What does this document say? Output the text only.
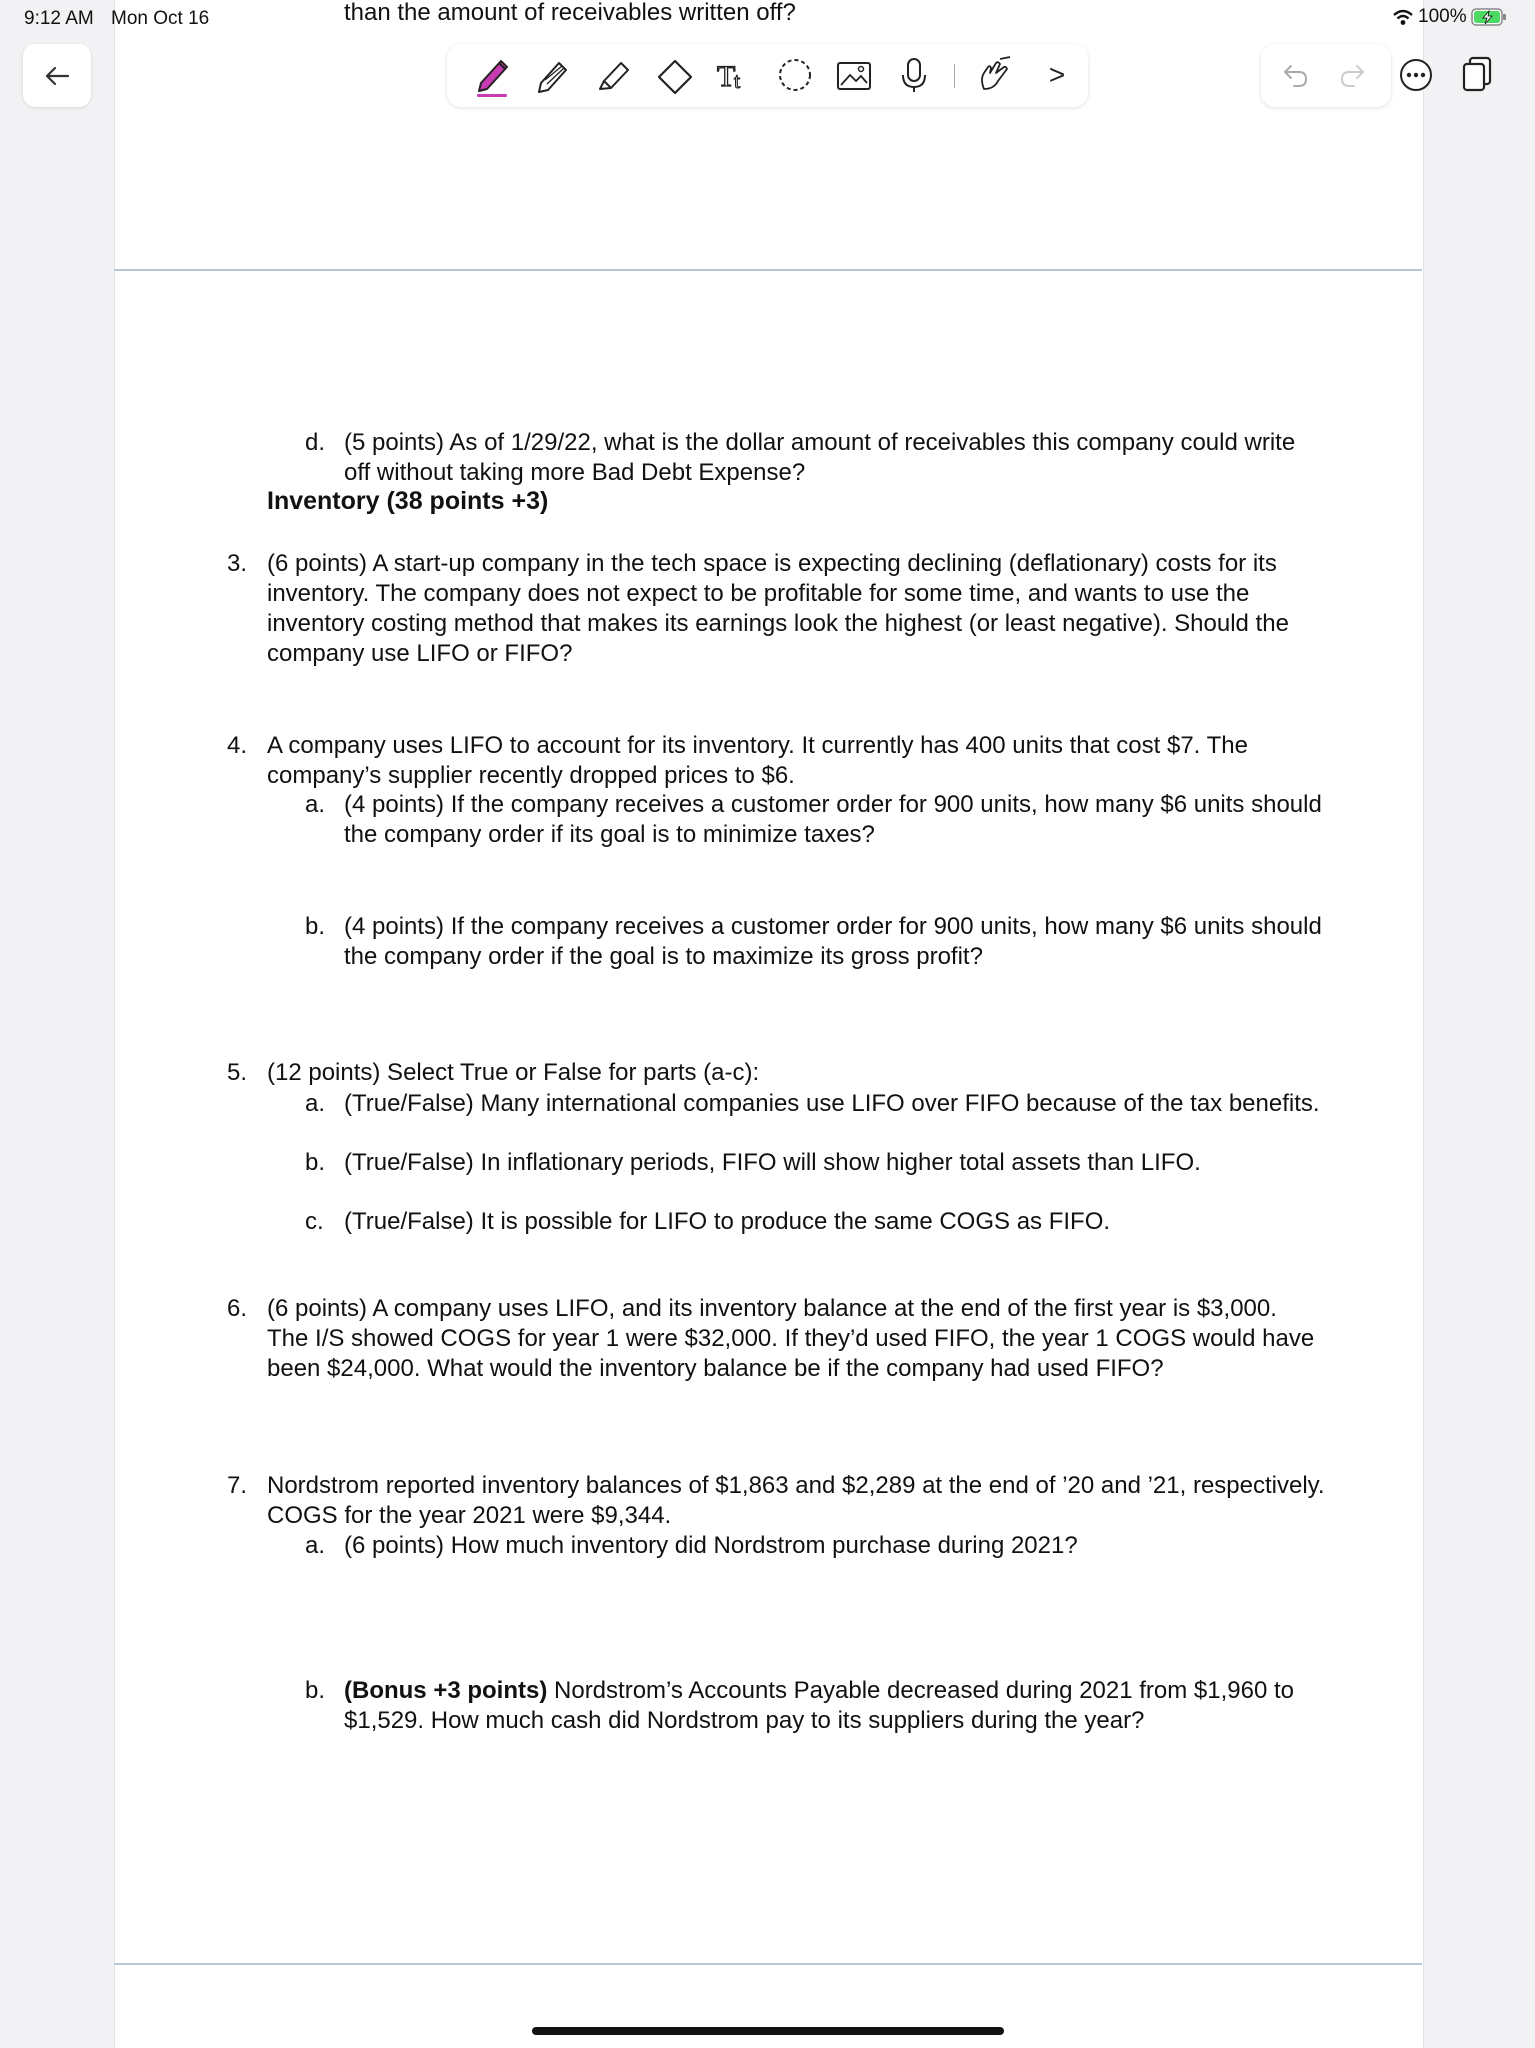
than the amount of receivables written off?
9:12 AM Mon Oct 16	100%
T
t	>
d. (5 points) As of 1/29/22, what is the dollar amount of receivables this company could write
off without taking more Bad Debt Expense?
Inventory (38 points +3)
3. (6 points) A start-up company in the tech space is expecting declining (deflationary) costs for its
inventory. The company does not expect to be profitable for some time, and wants to use the
inventory costing method that makes its earnings look the highest (or least negative). Should the
company use LIFO or FIFO?
4. A company uses LIFO to account for its inventory. It currently has 400 units that cost $7. The
company’s supplier recently dropped prices to $6.
a. (4 points) If the company receives a customer order for 900 units, how many $6 units should
the company order if its goal is to minimize taxes?
b. (4 points) If the company receives a customer order for 900 units, how many $6 units should
the company order if the goal is to maximize its gross profit?
5. (12 points) Select True or False for parts (a-c):
a. (True/False) Many international companies use LIFO over FIFO because of the tax benefits.
b. (True/False) In inflationary periods, FIFO will show higher total assets than LIFO.
c. (True/False) It is possible for LIFO to produce the same COGS as FIFO.
6. (6 points) A company uses LIFO, and its inventory balance at the end of the first year is $3,000.
The I/S showed COGS for year 1 were $32,000. If they’d used FIFO, the year 1 COGS would have
been $24,000. What would the inventory balance be if the company had used FIFO?
7. Nordstrom reported inventory balances of $1,863 and $2,289 at the end of ’20 and ’21, respectively.
COGS for the year 2021 were $9,344.
a. (6 points) How much inventory did Nordstrom purchase during 2021?
b. (Bonus +3 points) Nordstrom’s Accounts Payable decreased during 2021 from $1,960 to
$1,529. How much cash did Nordstrom pay to its suppliers during the year?
